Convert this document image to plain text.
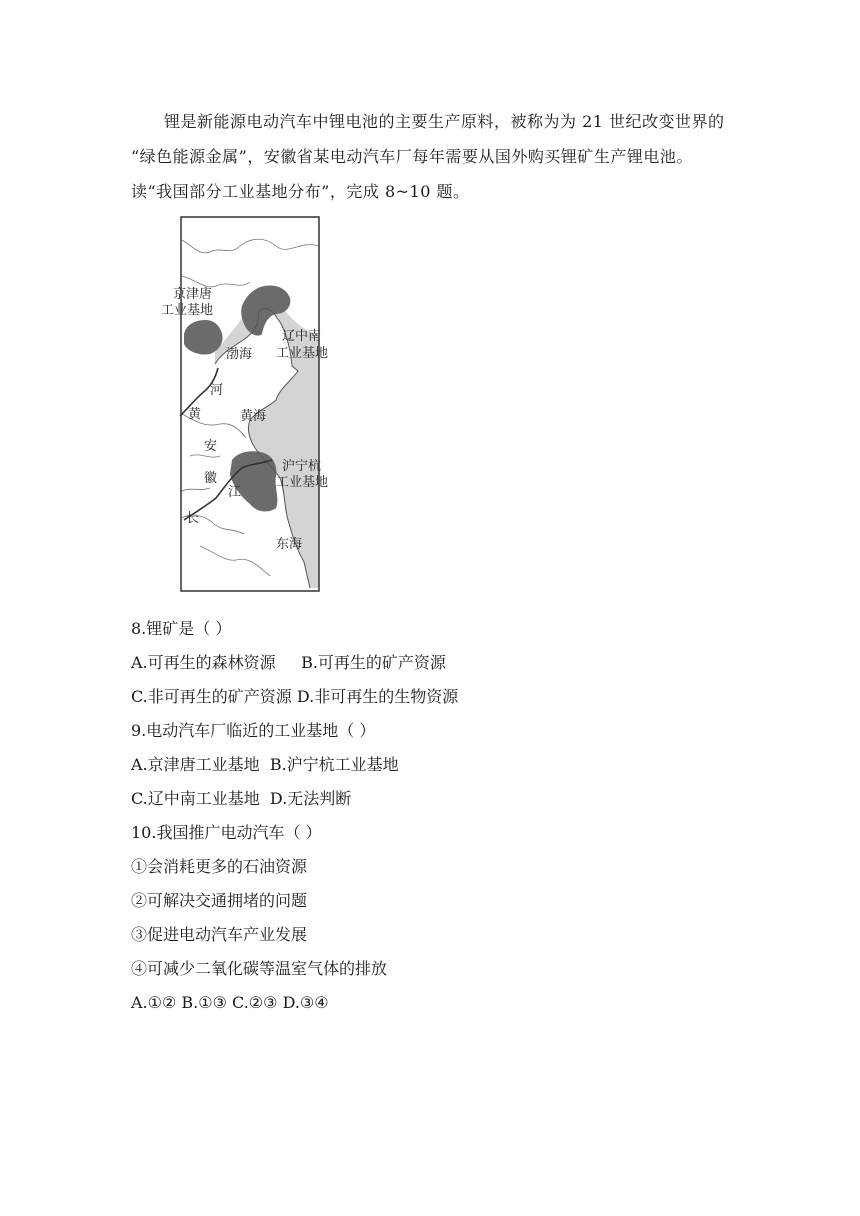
锂是新能源电动汽车中锂电池的主要生产原料，被称为为 21 世纪改变世界的

“绿色能源金属”，安徽省某电动汽车厂每年需要从国外购买锂矿生产锂电池。

读“我国部分工业基地分布”，完成 8~10 题。

京津唐
工业基地
渤海
辽中南
工业基地
河
黄	黄海
安
徽
沪宁杭
工业基地
江
长
东海
8.锂矿是（ ）
A.可再生的森林资源     B.可再生的矿产资源
C.非可再生的矿产资源 D.非可再生的生物资源
9.电动汽车厂临近的工业基地（ ）
A.京津唐工业基地  B.沪宁杭工业基地
C.辽中南工业基地  D.无法判断
10.我国推广电动汽车（ ）
①会消耗更多的石油资源
②可解决交通拥堵的问题
③促进电动汽车产业发展
④可减少二氧化碳等温室气体的排放
A.①② B.①③ C.②③ D.③④
